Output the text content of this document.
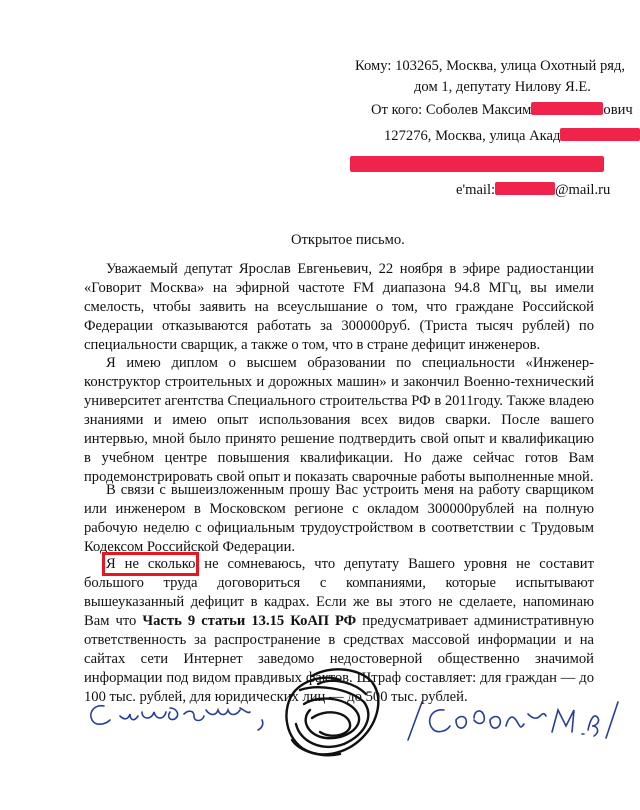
Кому: 103265, Москва, улица Охотный ряд,
дом 1, депутату Нилову Я.Е.
От кого: Соболев Максим	ович
127276, Москва, улица Акад
e'mail:	@mail.ru
Открытое письмо.
Уважаемый депутат Ярослав Евгеньевич, 22 ноября в эфире радиостанции «Говорит Москва» на эфирной частоте FM диапазона 94.8 МГц, вы имели смелость, чтобы заявить на всеуслышание о том, что граждане Российской Федерации отказываются работать за 300000руб. (Триста тысяч рублей) по специальности сварщик, а также о том, что в стране дефицит инженеров.
Я имею диплом о высшем образовании по специальности «Инженер-конструктор строительных и дорожных машин» и закончил Военно-технический университет агентства Специального строительства РФ в 2011году. Также владею знаниями и имею опыт использования всех видов сварки. После вашего интервью, мной было принято решение подтвердить свой опыт и квалификацию в учебном центре повышения квалификации. Но даже сейчас готов Вам продемонстрировать свой опыт и показать сварочные работы выполненные мной.
В связи с вышеизложенным прошу Вас устроить меня на работу сварщиком или инженером в Московском регионе с окладом 300000рублей на полную рабочую неделю с официальным трудоустройством в соответствии с Трудовым Кодексом Российской Федерации.
Я не сколько не сомневаюсь, что депутату Вашего уровня не составит большого труда договориться с компаниями, которые испытывают вышеуказанный дефицит в кадрах. Если же вы этого не сделаете, напоминаю Вам что Часть 9 статьи 13.15 КоАП РФ предусматривает административную ответственность за распространение в средствах массовой информации и на сайтах сети Интернет заведомо недостоверной общественно значимой информации под видом правдивых фактов. Штраф составляет: для граждан — до 100 тыс. рублей, для юридических лиц — до 500 тыс. рублей.
